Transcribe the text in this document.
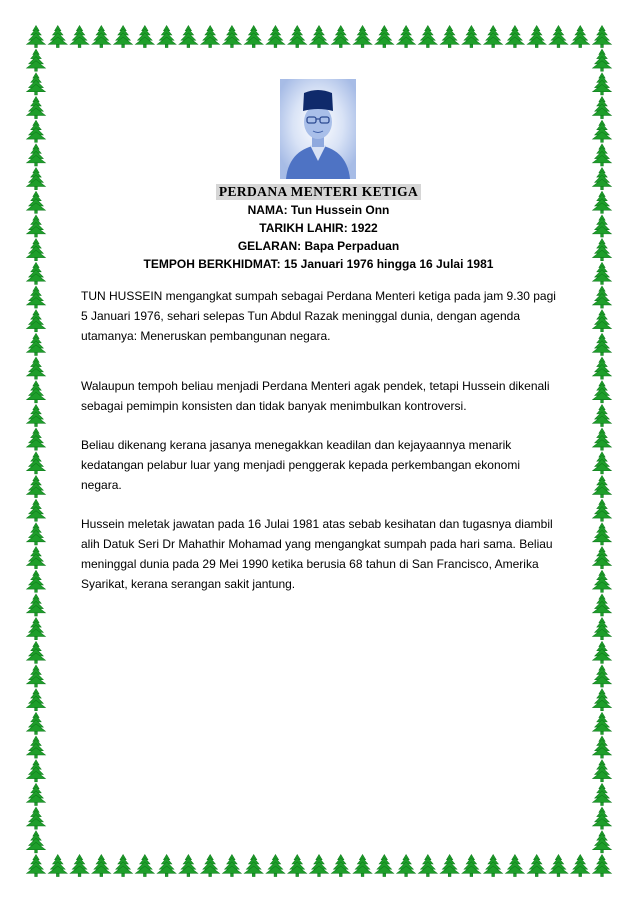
PERDANA MENTERI KETIGA
NAMA: Tun Hussein Onn
TARIKH LAHIR: 1922
GELARAN: Bapa Perpaduan
TEMPOH BERKHIDMAT: 15 Januari 1976 hingga 16 Julai 1981

TUN HUSSEIN mengangkat sumpah sebagai Perdana Menteri ketiga pada jam 9.30 pagi 5 Januari 1976, sehari selepas Tun Abdul Razak meninggal dunia, dengan agenda utamanya: Meneruskan pembangunan negara.

Walaupun tempoh beliau menjadi Perdana Menteri agak pendek, tetapi Hussein dikenali sebagai pemimpin konsisten dan tidak banyak menimbulkan kontroversi.

Beliau dikenang kerana jasanya menegakkan keadilan dan kejayaannya menarik kedatangan pelabur luar yang menjadi penggerak kepada perkembangan ekonomi negara.

Hussein meletak jawatan pada 16 Julai 1981 atas sebab kesihatan dan tugasnya diambil alih Datuk Seri Dr Mahathir Mohamad yang mengangkat sumpah pada hari sama. Beliau meninggal dunia pada 29 Mei 1990 ketika berusia 68 tahun di San Francisco, Amerika Syarikat, kerana serangan sakit jantung.
